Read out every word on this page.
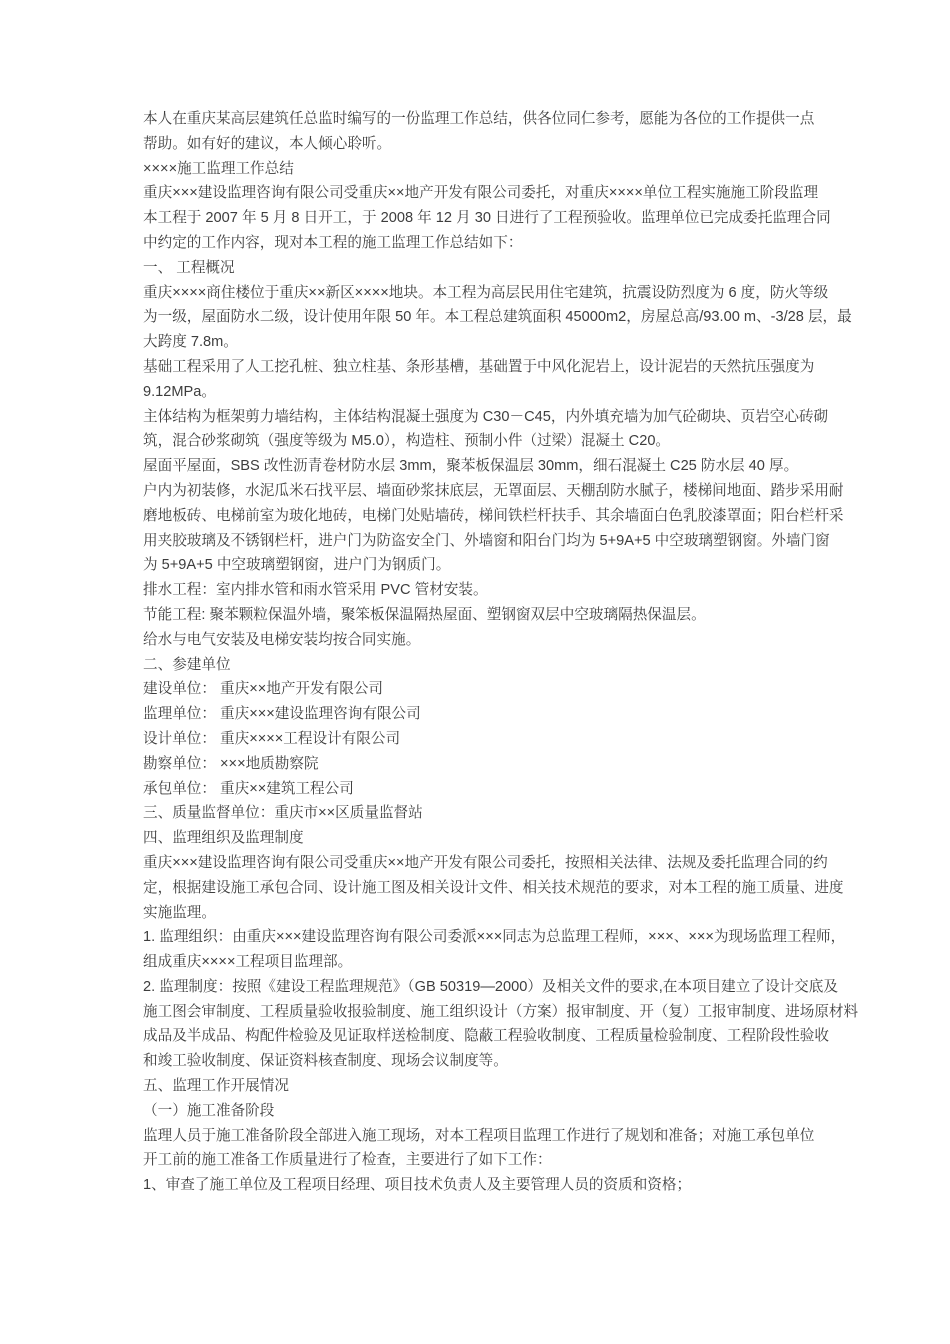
本人在重庆某高层建筑任总监时编写的一份监理工作总结，供各位同仁参考，愿能为各位的工作提供一点
帮助。如有好的建议，本人倾心聆听。
××××施工监理工作总结
重庆×××建设监理咨询有限公司受重庆××地产开发有限公司委托，对重庆××××单位工程实施施工阶段监理
本工程于 2007 年 5 月 8 日开工，于 2008 年 12 月 30 日进行了工程预验收。监理单位已完成委托监理合同
中约定的工作内容，现对本工程的施工监理工作总结如下：
一、 工程概况
重庆××××商住楼位于重庆××新区××××地块。本工程为高层民用住宅建筑，抗震设防烈度为 6 度，防火等级
为一级，屋面防水二级，设计使用年限 50 年。本工程总建筑面积 45000m2，房屋总高/93.00 m、-3/28 层，最
大跨度 7.8m。
基础工程采用了人工挖孔桩、独立柱基、条形基槽，基础置于中风化泥岩上，设计泥岩的天然抗压强度为
9.12MPa。
主体结构为框架剪力墙结构，主体结构混凝土强度为 C30－C45，内外填充墙为加气砼砌块、页岩空心砖砌
筑，混合砂浆砌筑（强度等级为 M5.0），构造柱、预制小件（过梁）混凝土 C20。
屋面平屋面，SBS 改性沥青卷材防水层 3mm，聚苯板保温层 30mm，细石混凝土 C25 防水层 40 厚。
户内为初装修，水泥瓜米石找平层、墙面砂浆抹底层，无罩面层、天棚刮防水腻子，楼梯间地面、踏步采用耐
磨地板砖、电梯前室为玻化地砖，电梯门处贴墙砖，梯间铁栏杆扶手、其余墙面白色乳胶漆罩面；阳台栏杆采
用夹胶玻璃及不锈钢栏杆，进户门为防盗安全门、外墙窗和阳台门均为 5+9A+5 中空玻璃塑钢窗。外墙门窗
为 5+9A+5 中空玻璃塑钢窗，进户门为钢质门。
排水工程：室内排水管和雨水管采用 PVC 管材安装。
节能工程: 聚苯颗粒保温外墙，聚笨板保温隔热屋面、塑钢窗双层中空玻璃隔热保温层。
给水与电气安装及电梯安装均按合同实施。
二、参建单位
建设单位： 重庆××地产开发有限公司
监理单位： 重庆×××建设监理咨询有限公司
设计单位： 重庆××××工程设计有限公司
勘察单位： ×××地质勘察院
承包单位： 重庆××建筑工程公司
三、质量监督单位：重庆市××区质量监督站
四、监理组织及监理制度
重庆×××建设监理咨询有限公司受重庆××地产开发有限公司委托，按照相关法律、法规及委托监理合同的约
定，根据建设施工承包合同、设计施工图及相关设计文件、相关技术规范的要求，对本工程的施工质量、进度
实施监理。
1. 监理组织：由重庆×××建设监理咨询有限公司委派×××同志为总监理工程师，×××、×××为现场监理工程师，
组成重庆××××工程项目监理部。
2. 监理制度：按照《建设工程监理规范》（GB 50319—2000）及相关文件的要求,在本项目建立了设计交底及
施工图会审制度、工程质量验收报验制度、施工组织设计（方案）报审制度、开（复）工报审制度、进场原材料
成品及半成品、构配件检验及见证取样送检制度、隐蔽工程验收制度、工程质量检验制度、工程阶段性验收
和竣工验收制度、保证资料核查制度、现场会议制度等。
五、监理工作开展情况
（一）施工准备阶段
监理人员于施工准备阶段全部进入施工现场，对本工程项目监理工作进行了规划和准备；对施工承包单位
开工前的施工准备工作质量进行了检查，主要进行了如下工作：
1、审查了施工单位及工程项目经理、项目技术负责人及主要管理人员的资质和资格；
